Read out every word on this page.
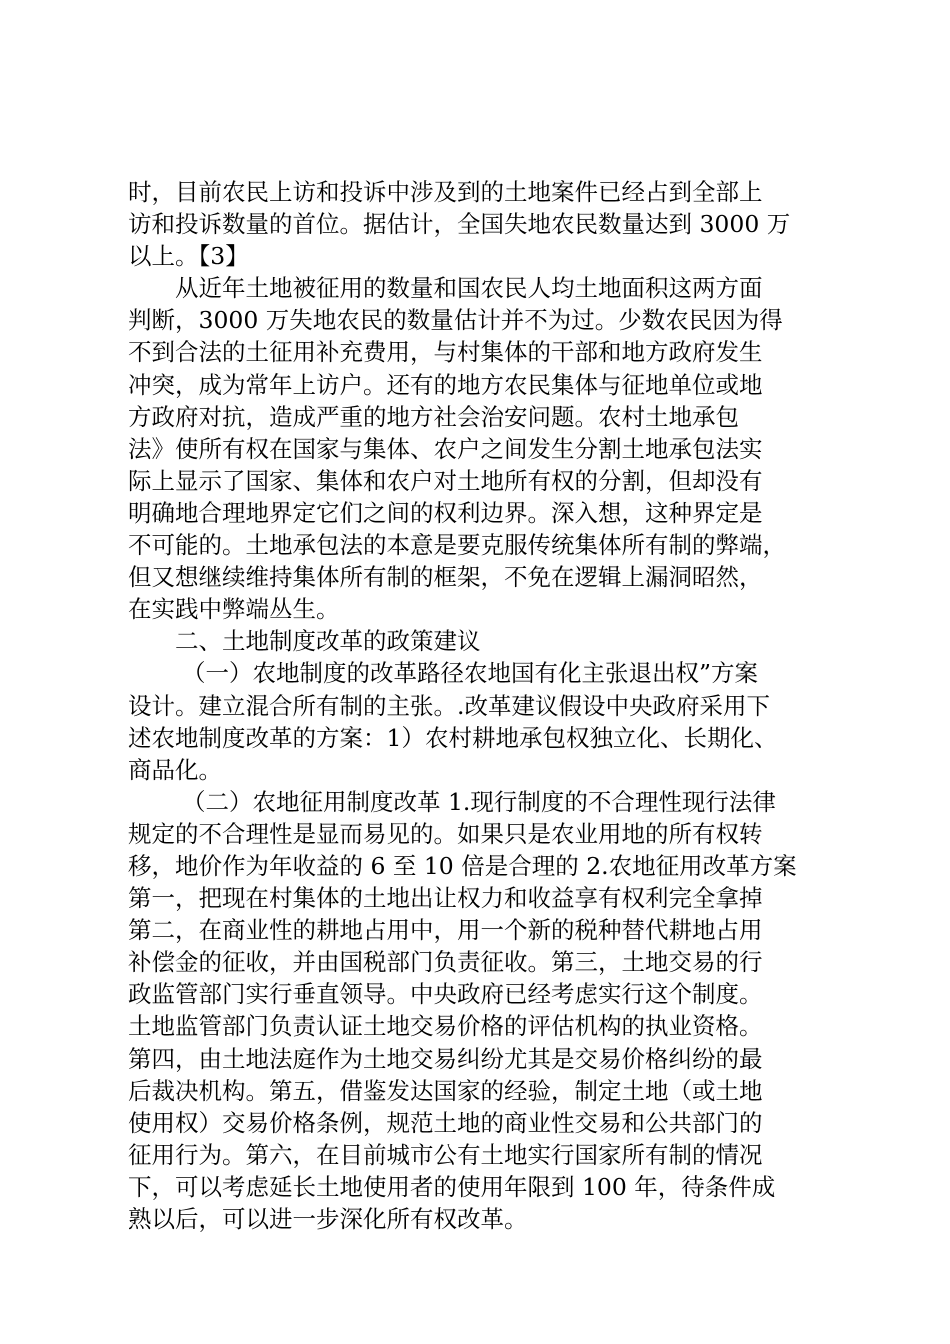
时，目前农民上访和投诉中涉及到的土地案件已经占到全部上
访和投诉数量的首位。据估计，全国失地农民数量达到 3000 万
以上。【3】
从近年土地被征用的数量和国农民人均土地面积这两方面
判断，3000 万失地农民的数量估计并不为过。少数农民因为得
不到合法的土征用补充费用，与村集体的干部和地方政府发生
冲突，成为常年上访户。还有的地方农民集体与征地单位或地
方政府对抗，造成严重的地方社会治安问题。农村土地承包
法》使所有权在国家与集体、农户之间发生分割土地承包法实
际上显示了国家、集体和农户对土地所有权的分割，但却没有
明确地合理地界定它们之间的权利边界。深入想，这种界定是
不可能的。土地承包法的本意是要克服传统集体所有制的弊端，
但又想继续维持集体所有制的框架，不免在逻辑上漏洞昭然，
在实践中弊端丛生。
二、土地制度改革的政策建议
（一）农地制度的改革路径农地国有化主张退出权”方案
设计。建立混合所有制的主张。.改革建议假设中央政府采用下
述农地制度改革的方案：1）农村耕地承包权独立化、长期化、
商品化。
（二）农地征用制度改革 1.现行制度的不合理性现行法律
规定的不合理性是显而易见的。如果只是农业用地的所有权转
移，地价作为年收益的 6 至 10 倍是合理的 2.农地征用改革方案
第一，把现在村集体的土地出让权力和收益享有权利完全拿掉
第二，在商业性的耕地占用中，用一个新的税种替代耕地占用
补偿金的征收，并由国税部门负责征收。第三，土地交易的行
政监管部门实行垂直领导。中央政府已经考虑实行这个制度。
土地监管部门负责认证土地交易价格的评估机构的执业资格。
第四，由土地法庭作为土地交易纠纷尤其是交易价格纠纷的最
后裁决机构。第五，借鉴发达国家的经验，制定土地（或土地
使用权）交易价格条例，规范土地的商业性交易和公共部门的
征用行为。第六，在目前城市公有土地实行国家所有制的情况
下，可以考虑延长土地使用者的使用年限到 100 年，待条件成
熟以后，可以进一步深化所有权改革。
